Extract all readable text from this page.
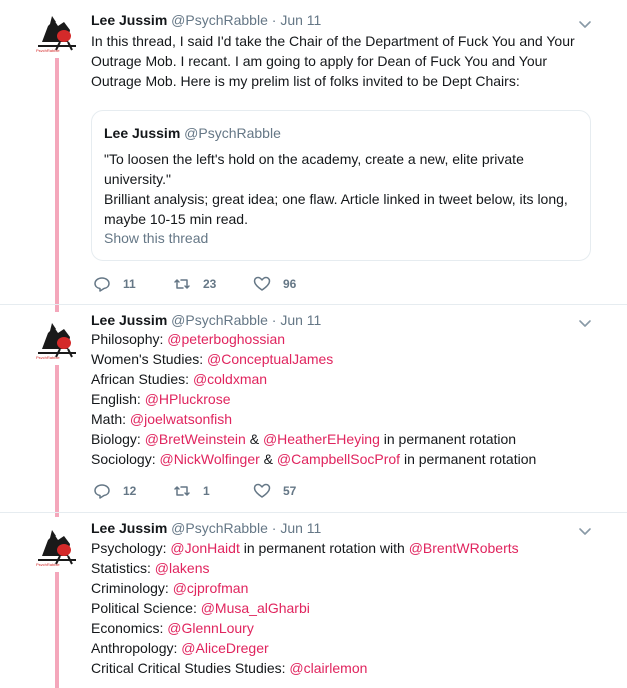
PsychRabble
Lee Jussim @PsychRabble · Jun 11
In this thread, I said I'd take the Chair of the Department of Fuck You and Your
Outrage Mob. I recant. I am going to apply for Dean of Fuck You and Your
Outrage Mob. Here is my prelim list of folks invited to be Dept Chairs:
Lee Jussim @PsychRabble
"To loosen the left's hold on the academy, create a new, elite private
university."
Brilliant analysis; great idea; one flaw. Article linked in tweet below, its long,
maybe 10-15 min read.
Show this thread
11	23	96
PsychRabble
Lee Jussim @PsychRabble · Jun 11
Philosophy: @peterboghossian
Women's Studies: @ConceptualJames
African Studies: @coldxman
English: @HPluckrose
Math: @joelwatsonfish
Biology: @BretWeinstein & @HeatherEHeying in permanent rotation
Sociology: @NickWolfinger & @CampbellSocProf in permanent rotation
12	1	57
PsychRabble
Lee Jussim @PsychRabble · Jun 11
Psychology: @JonHaidt in permanent rotation with @BrentWRoberts
Statistics: @lakens
Criminology: @cjprofman
Political Science: @Musa_alGharbi
Economics: @GlennLoury
Anthropology: @AliceDreger
Critical Critical Studies Studies: @clairlemon
